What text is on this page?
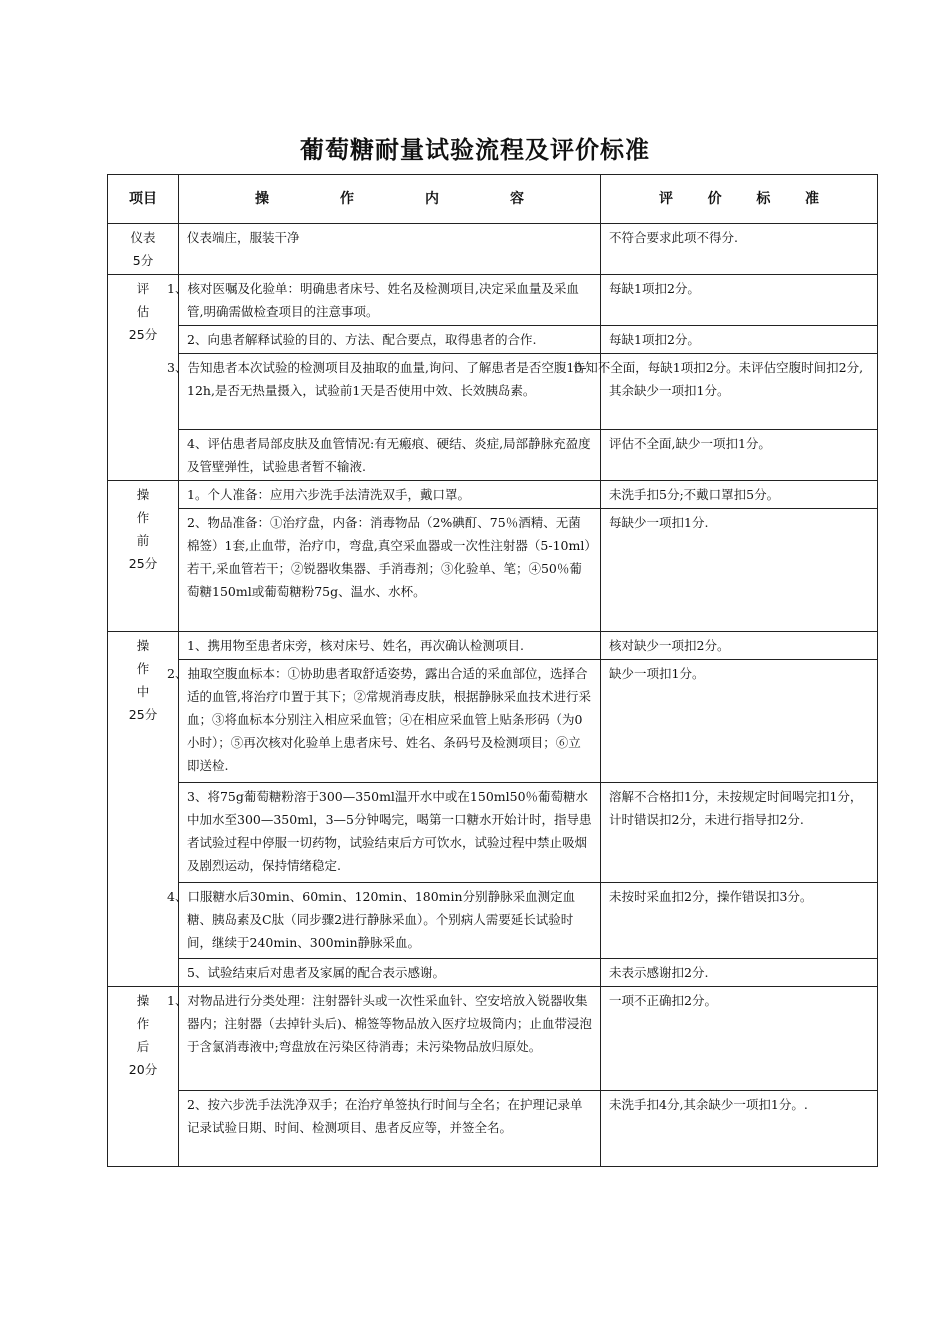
葡萄糖耐量试验流程及评价标准
项目	操 作 内 容	评 价 标 准

仪表
5分	仪表端庄，服装干净	不符合要求此项不得分.

评
估
25分	1、核对医嘱及化验单：明确患者床号、姓名及检测项目,决定采血量及采血管,明确需做检查项目的注意事项。	每缺1项扣2分。
	2、向患者解释试验的目的、方法、配合要点，取得患者的合作.	每缺1项扣2分。
	3、告知患者本次试验的检测项目及抽取的血量,询问、了解患者是否空腹10-12h,是否无热量摄入，试验前1天是否使用中效、长效胰岛素。	告知不全面，每缺1项扣2分。未评估空腹时间扣2分,其余缺少一项扣1分。
	4、评估患者局部皮肤及血管情况:有无瘢痕、硬结、炎症,局部静脉充盈度及管壁弹性，试验患者暂不输液.	评估不全面,缺少一项扣1分。

操
作
前
25分	1。个人准备：应用六步洗手法清洗双手，戴口罩。	未洗手扣5分;不戴口罩扣5分。
	2、物品准备：①治疗盘，内备：消毒物品（2%碘酊、75％酒精、无菌棉签）1套,止血带，治疗巾，弯盘,真空采血器或一次性注射器（5-10ml）若干,采血管若干；②锐器收集器、手消毒剂；③化验单、笔；④50％葡萄糖150ml或葡萄糖粉75g、温水、水杯。	每缺少一项扣1分.

操
作
中
25分	1、携用物至患者床旁，核对床号、姓名，再次确认检测项目.	核对缺少一项扣2分。
	2、抽取空腹血标本：①协助患者取舒适姿势，露出合适的采血部位，选择合适的血管,将治疗巾置于其下；②常规消毒皮肤，根据静脉采血技术进行采血；③将血标本分别注入相应采血管；④在相应采血管上贴条形码（为0小时）；⑤再次核对化验单上患者床号、姓名、条码号及检测项目；⑥立即送检.	缺少一项扣1分。
	3、将75g葡萄糖粉溶于300—350ml温开水中或在150ml50％葡萄糖水中加水至300—350ml，3—5分钟喝完，喝第一口糖水开始计时，指导患者试验过程中停服一切药物，试验结束后方可饮水，试验过程中禁止吸烟及剧烈运动，保持情绪稳定.	溶解不合格扣1分，未按规定时间喝完扣1分，计时错误扣2分，未进行指导扣2分.
	4、口服糖水后30min、60min、120min、180min分别静脉采血测定血糖、胰岛素及C肽（同步骤2进行静脉采血）。个别病人需要延长试验时间，继续于240min、300min静脉采血。	未按时采血扣2分，操作错误扣3分。
	5、试验结束后对患者及家属的配合表示感谢。	未表示感谢扣2分.

操
作
后
20分	1、对物品进行分类处理：注射器针头或一次性采血针、空安培放入锐器收集器内；注射器（去掉针头后)、棉签等物品放入医疗垃圾筒内；止血带浸泡于含氯消毒液中;弯盘放在污染区待消毒；未污染物品放归原处。	一项不正确扣2分。
	2、按六步洗手法洗净双手；在治疗单签执行时间与全名；在护理记录单记录试验日期、时间、检测项目、患者反应等，并签全名。	未洗手扣4分,其余缺少一项扣1分。.
